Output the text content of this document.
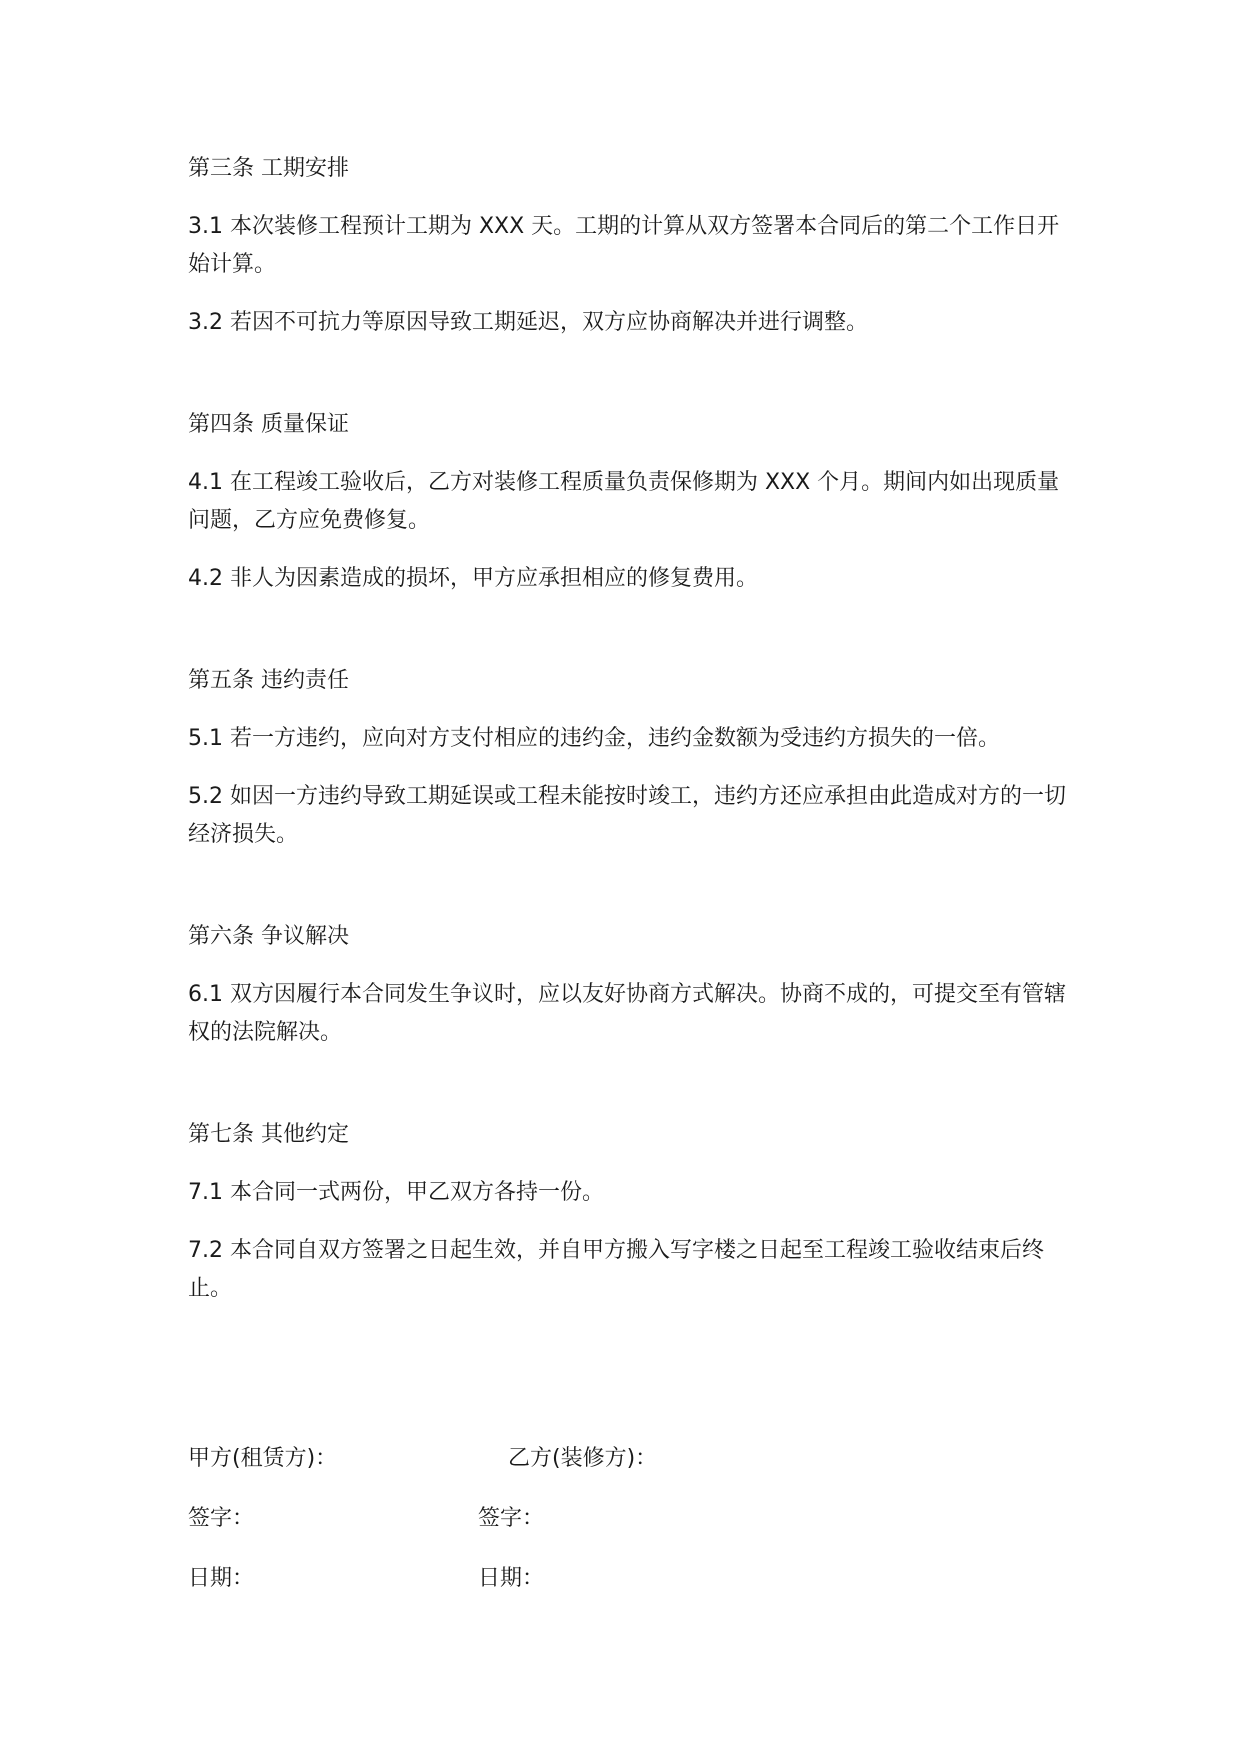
第三条 工期安排
3.1 本次装修工程预计工期为 XXX 天。工期的计算从双方签署本合同后的第二个工作日开始计算。
3.2 若因不可抗力等原因导致工期延迟，双方应协商解决并进行调整。
第四条 质量保证
4.1 在工程竣工验收后，乙方对装修工程质量负责保修期为 XXX 个月。期间内如出现质量问题，乙方应免费修复。
4.2 非人为因素造成的损坏，甲方应承担相应的修复费用。
第五条 违约责任
5.1 若一方违约，应向对方支付相应的违约金，违约金数额为受违约方损失的一倍。
5.2 如因一方违约导致工期延误或工程未能按时竣工，违约方还应承担由此造成对方的一切经济损失。
第六条 争议解决
6.1 双方因履行本合同发生争议时，应以友好协商方式解决。协商不成的，可提交至有管辖权的法院解决。
第七条 其他约定
7.1 本合同一式两份，甲乙双方各持一份。
7.2 本合同自双方签署之日起生效，并自甲方搬入写字楼之日起至工程竣工验收结束后终止。
甲方(租赁方)：	乙方(装修方)：
签字：	签字：
日期：	日期：
